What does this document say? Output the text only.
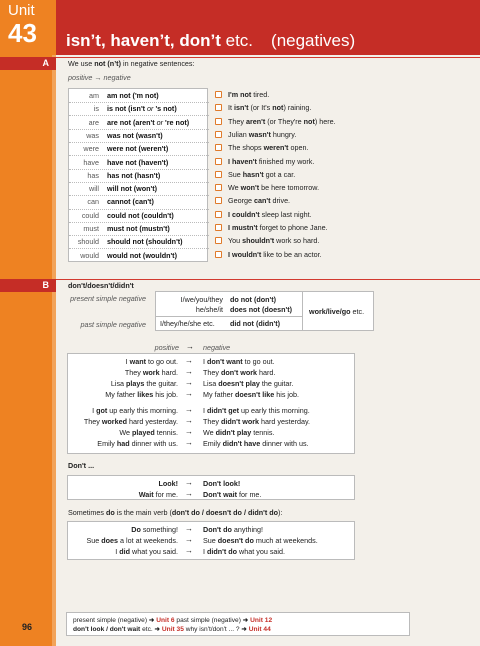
Unit
43 isn’t, haven’t, don’t etc. (negatives)
A	We use not (n’t) in negative sentences:
positive → negative
am am not ('m not)
is is not (isn't or 's not)
are are not (aren't or 're not)
was was not (wasn't)
were were not (weren't)
have have not (haven't)
has has not (hasn't)
will will not (won't)
can cannot (can't)
could could not (couldn't)
must must not (mustn't)
should should not (shouldn't)
would would not (wouldn't)
I'm not tired.
It isn't (or It's not) raining.
They aren't (or They're not) here.
Julian wasn't hungry.
The shops weren't open.
I haven't finished my work.
Sue hasn't got a car.
We won't be here tomorrow.
George can't drive.
I couldn't sleep last night.
I mustn't forget to phone Jane.
You shouldn't work so hard.
I wouldn't like to be an actor.
B	don't/doesn't/didn't
present simple negative
past simple negative
I/we/you/they
he/she/it
do not (don't)
does not (doesn't)
I/they/he/she etc. did not (didn't)
work/live/go etc.
positive → negative
I want to go out. → I don't want to go out.
They work hard. → They don't work hard.
Lisa plays the guitar. → Lisa doesn't play the guitar.
My father likes his job. → My father doesn't like his job.
I got up early this morning. → I didn't get up early this morning.
They worked hard yesterday. → They didn't work hard yesterday.
We played tennis. → We didn't play tennis.
Emily had dinner with us. → Emily didn't have dinner with us.
Don't ...
Look! → Don't look!
Wait for me. → Don't wait for me.
Sometimes do is the main verb (don't do / doesn't do / didn't do):
Do something! → Don't do anything!
Sue does a lot at weekends. → Sue doesn't do much at weekends.
I did what you said. → I didn't do what you said.
96
present simple (negative) ➜ Unit 6 past simple (negative) ➜ Unit 12
don't look / don't wait etc. ➜ Unit 35 why isn't/don't ... ? ➜ Unit 44
